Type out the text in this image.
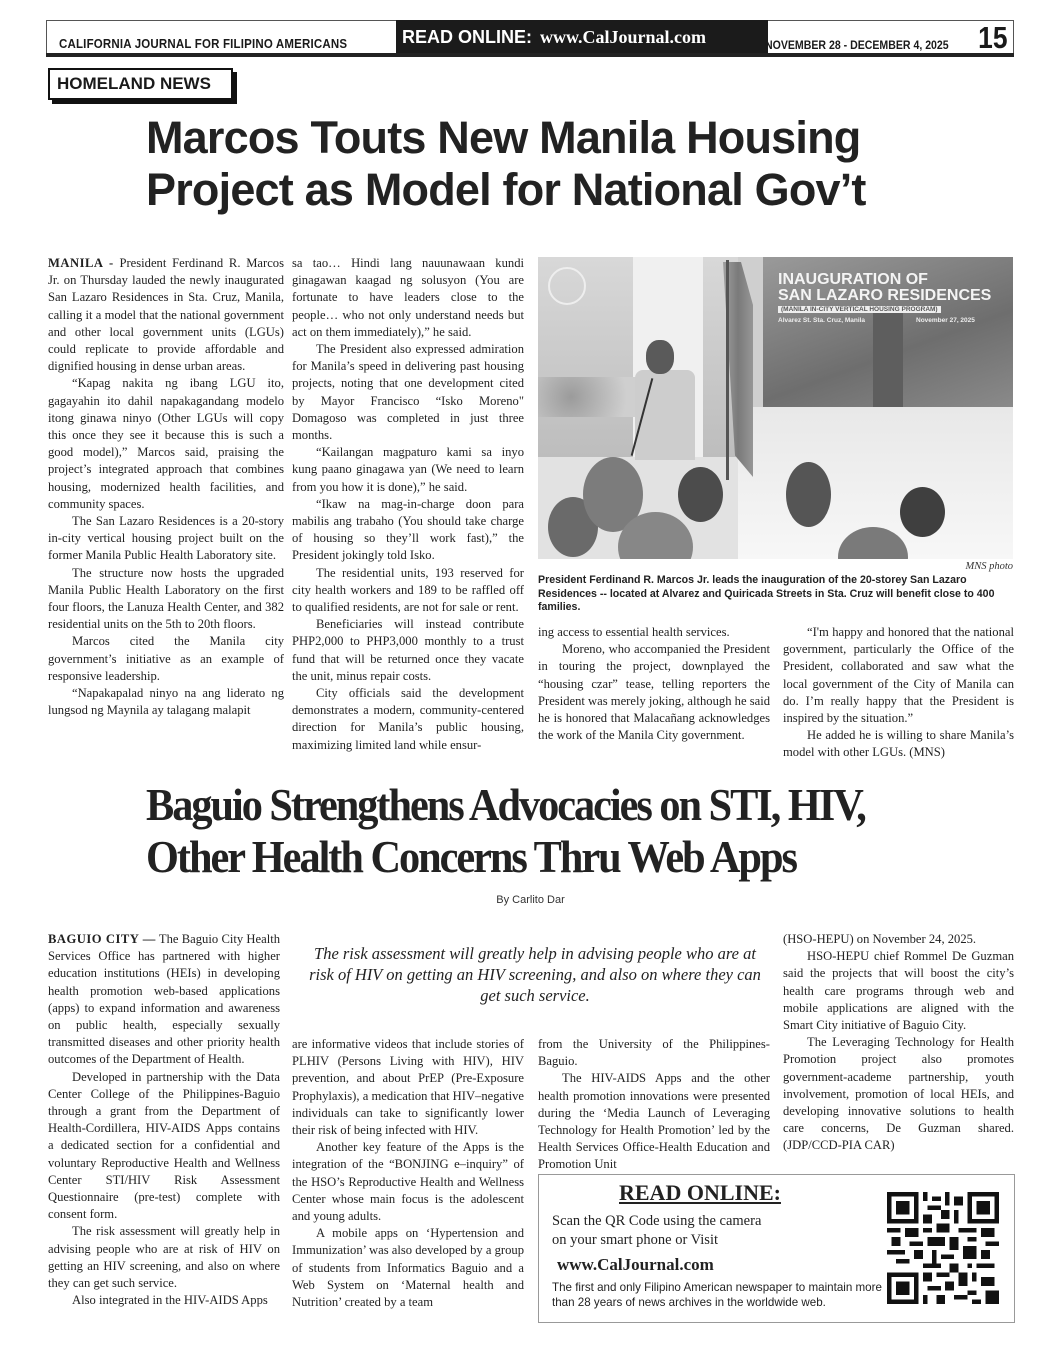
CALIFORNIA JOURNAL FOR FILIPINO AMERICANS	READ ONLINE: www.CalJournal.com	NOVEMBER 28 - DECEMBER 4, 2025 15
HOMELAND NEWS
Marcos Touts New Manila Housing
Project as Model for National Gov’t

MANILA - President Ferdinand R. Marcos Jr. on Thursday lauded the newly inaugurated San Lazaro Residences in Sta. Cruz, Manila, calling it a model that the national government and other local government units (LGUs) could replicate to provide affordable and dignified housing in dense urban areas.

“Kapag nakita ng ibang LGU ito, gagayahin ito dahil napakagandang modelo itong ginawa ninyo (Other LGUs will copy this once they see it because this is such a good model),” Marcos said, praising the project’s integrated approach that combines housing, modernized health facilities, and community spaces.

The San Lazaro Residences is a 20-story in-city vertical housing project built on the former Manila Public Health Laboratory site.

The structure now hosts the upgraded Manila Public Health Laboratory on the first four floors, the Lanuza Health Center, and 382 residential units on the 5th to 20th floors.

Marcos cited the Manila city government’s initiative as an example of responsive leadership.

“Napakapalad ninyo na ang liderato ng lungsod ng Maynila ay talagang malapit

sa tao… Hindi lang nauunawaan kundi ginagawan kaagad ng solusyon (You are fortunate to have leaders close to the people… who not only understand needs but act on them immediately),” he said.

The President also expressed admiration for Manila’s speed in delivering past housing projects, noting that one development cited by Mayor Francisco “Isko Moreno" Domagoso was completed in just three months.

“Kailangan magpaturo kami sa inyo kung paano ginagawa yan (We need to learn from you how it is done),” he said.

“Ikaw na mag-in-charge doon para mabilis ang trabaho (You should take charge of housing so they’ll work fast),” the President jokingly told Isko.

The residential units, 193 reserved for city health workers and 189 to be raffled off to qualified residents, are not for sale or rent.

Beneficiaries will instead contribute PHP2,000 to PHP3,000 monthly to a trust fund that will be returned once they vacate the unit, minus repair costs.

City officials said the development demonstrates a modern, community-centered direction for Manila’s public housing, maximizing limited land while ensur-

INAUGURATION OF
SAN LAZARO RESIDENCES
(MANILA IN-CITY VERTICAL HOUSING PROGRAM)
Alvarez St. Sta. Cruz, Manila	November 27, 2025
MNS photo
President Ferdinand R. Marcos Jr. leads the inauguration of the 20-storey San Lazaro Residences -- located at Alvarez and Quiricada Streets in Sta. Cruz will benefit close to 400 families.

ing access to essential health services.

Moreno, who accompanied the President in touring the project, downplayed the “housing czar” tease, telling reporters the President was merely joking, although he said he is honored that Malacañang acknowledges the work of the Manila City government.

“I'm happy and honored that the national government, particularly the Office of the President, collaborated and saw what the local government of the City of Manila can do. I’m really happy that the President is inspired by the situation.”

He added he is willing to share Manila’s model with other LGUs. (MNS)

Baguio Strengthens Advocacies on STI, HIV,
Other Health Concerns Thru Web Apps
By Carlito Dar

BAGUIO CITY — The Baguio City Health Services Office has partnered with higher education institutions (HEIs) in developing health promotion web-based applications (apps) to expand information and awareness on public health, especially sexually transmitted diseases and other priority health outcomes of the Department of Health.

Developed in partnership with the Data Center College of the Philippines-Baguio through a grant from the Department of Health-Cordillera, HIV-AIDS Apps contains a dedicated section for a confidential and voluntary Reproductive Health and Wellness Center STI/HIV Risk Assessment Questionnaire (pre-test) complete with consent form.

The risk assessment will greatly help in advising people who are at risk of HIV on getting an HIV screening, and also on where they can get such service.

Also integrated in the HIV-AIDS Apps

The risk assessment will greatly help in advising people who are at risk of HIV on getting an HIV screening, and also on where they can get such service.

are informative videos that include stories of PLHIV (Persons Living with HIV), HIV prevention, and about PrEP (Pre-Exposure Prophylaxis), a medication that HIV–negative individuals can take to significantly lower their risk of being infected with HIV.

Another key feature of the Apps is the integration of the “BONJING e–inquiry” of the HSO’s Reproductive Health and Wellness Center whose main focus is the adolescent and young adults.

A mobile apps on ‘Hypertension and Immunization’ was also developed by a group of students from Informatics Baguio and a Web System on ‘Maternal health and Nutrition’ created by a team

from the University of the Philippines-Baguio.

The HIV-AIDS Apps and the other health promotion innovations were presented during the ‘Media Launch of Leveraging Technology for Health Promotion’ led by the Health Services Office-Health Education and Promotion Unit

(HSO-HEPU) on November 24, 2025.

HSO-HEPU chief Rommel De Guzman said the projects that will boost the city’s health care programs through web and mobile applications are aligned with the Smart City initiative of Baguio City.

The Leveraging Technology for Health Promotion project also promotes government-academe partnership, youth involvement, promotion of local HEIs, and developing innovative solutions to health care concerns, De Guzman shared. (JDP/CCD-PIA CAR)

READ ONLINE:
Scan the QR Code using the camera
on your smart phone or Visit
www.CalJournal.com
The first and only Filipino American newspaper to maintain more than 28 years of news archives in the worldwide web.
